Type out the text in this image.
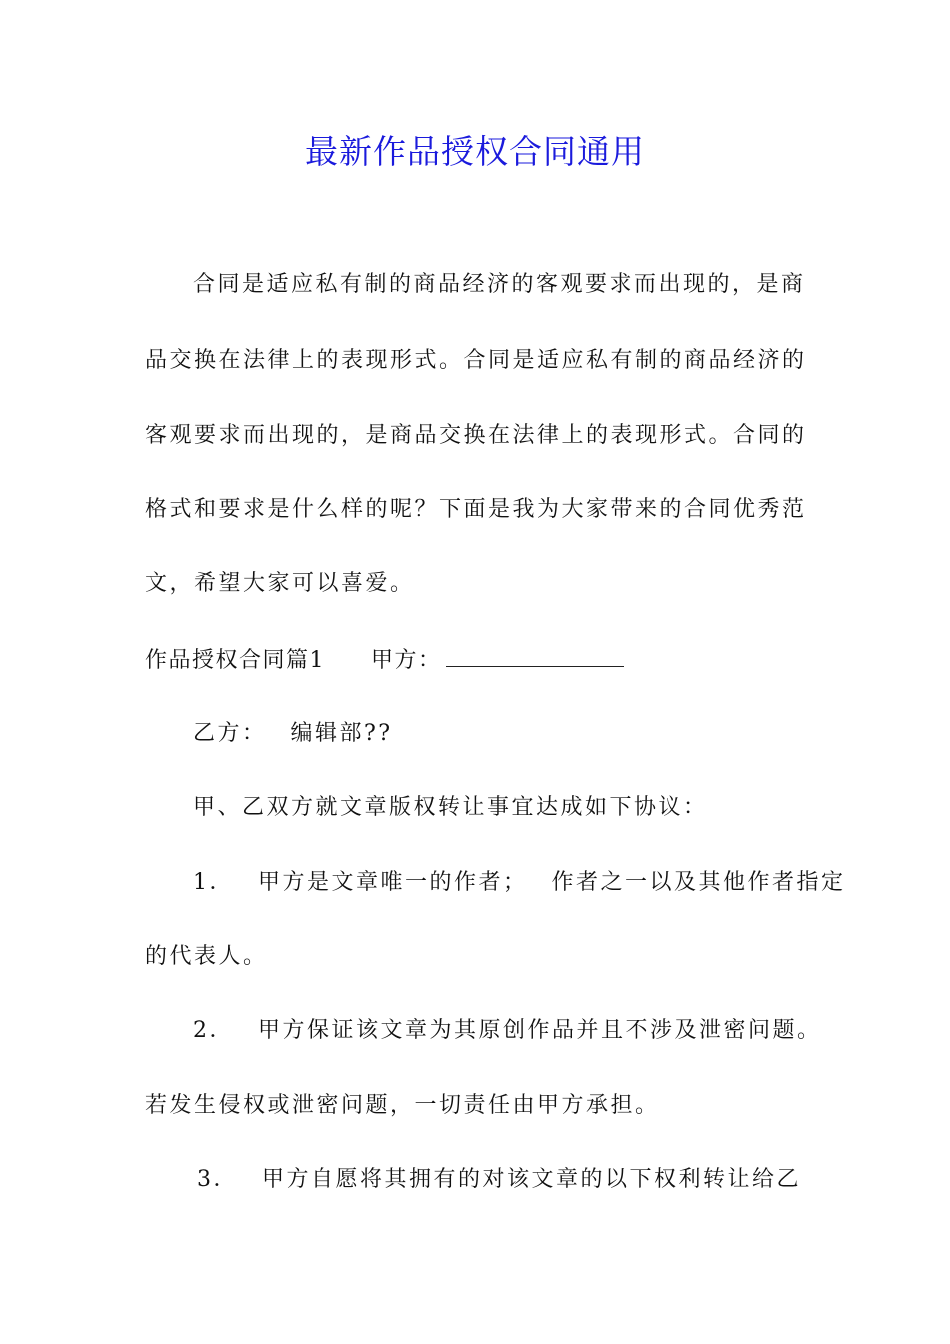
最新作品授权合同通用
合同是适应私有制的商品经济的客观要求而出现的，是商
品交换在法律上的表现形式。合同是适应私有制的商品经济的
客观要求而出现的，是商品交换在法律上的表现形式。合同的
格式和要求是什么样的呢？下面是我为大家带来的合同优秀范
文，希望大家可以喜爱。
作品授权合同篇1 甲方：
乙方： 编辑部??
甲、乙双方就文章版权转让事宜达成如下协议：
1． 甲方是文章唯一的作者； 作者之一以及其他作者指定
的代表人。
2． 甲方保证该文章为其原创作品并且不涉及泄密问题。
若发生侵权或泄密问题，一切责任由甲方承担。
3． 甲方自愿将其拥有的对该文章的以下权利转让给乙
